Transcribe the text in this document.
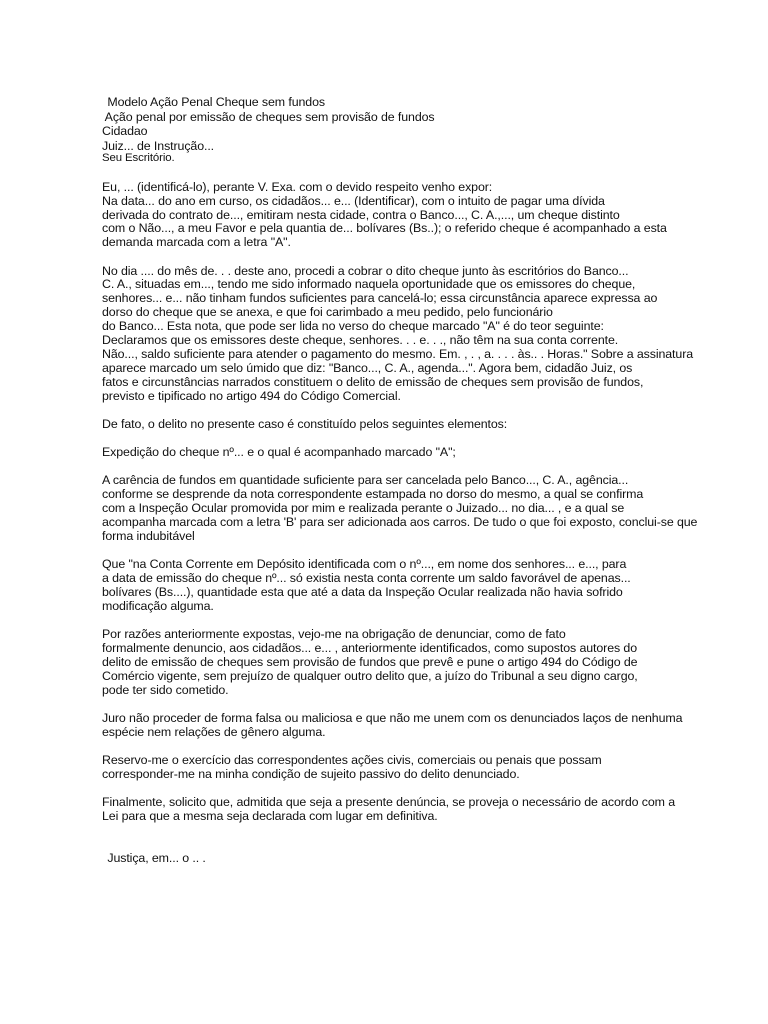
Modelo Ação Penal Cheque sem fundos
Ação penal por emissão de cheques sem provisão de fundos
Cidadao
Juiz... de Instrução...
Seu Escritório.
Eu, ... (identificá-lo), perante V. Exa. com o devido respeito venho expor:
Na data... do ano em curso, os cidadãos... e... (Identificar), com o intuito de pagar uma dívida
derivada do contrato de..., emitiram nesta cidade, contra o Banco..., C. A.,..., um cheque distinto
com o Não..., a meu Favor e pela quantia de... bolívares (Bs..); o referido cheque é acompanhado a esta
demanda marcada com a letra "A".
No dia .... do mês de. . . deste ano, procedi a cobrar o dito cheque junto às escritórios do Banco...
C. A., situadas em..., tendo me sido informado naquela oportunidade que os emissores do cheque,
senhores... e... não tinham fundos suficientes para cancelá-lo; essa circunstância aparece expressa ao
dorso do cheque que se anexa, e que foi carimbado a meu pedido, pelo funcionário
do Banco... Esta nota, que pode ser lida no verso do cheque marcado "A" é do teor seguinte:
Declaramos que os emissores deste cheque, senhores. . . e. . ., não têm na sua conta corrente.
Não..., saldo suficiente para atender o pagamento do mesmo. Em. , . , a. . . . às.. . Horas." Sobre a assinatura
aparece marcado um selo úmido que diz: "Banco..., C. A., agenda...". Agora bem, cidadão Juiz, os
fatos e circunstâncias narrados constituem o delito de emissão de cheques sem provisão de fundos,
previsto e tipificado no artigo 494 do Código Comercial.
De fato, o delito no presente caso é constituído pelos seguintes elementos:
Expedição do cheque nº... e o qual é acompanhado marcado "A";
A carência de fundos em quantidade suficiente para ser cancelada pelo Banco..., C. A., agência...
conforme se desprende da nota correspondente estampada no dorso do mesmo, a qual se confirma
com a Inspeção Ocular promovida por mim e realizada perante o Juizado... no dia... , e a qual se
acompanha marcada com a letra 'B' para ser adicionada aos carros. De tudo o que foi exposto, conclui-se que
forma indubitável
Que "na Conta Corrente em Depósito identificada com o nº..., em nome dos senhores... e..., para
a data de emissão do cheque nº... só existia nesta conta corrente um saldo favorável de apenas...
bolívares (Bs....), quantidade esta que até a data da Inspeção Ocular realizada não havia sofrido
modificação alguma.
Por razões anteriormente expostas, vejo-me na obrigação de denunciar, como de fato
formalmente denuncio, aos cidadãos... e... , anteriormente identificados, como supostos autores do
delito de emissão de cheques sem provisão de fundos que prevê e pune o artigo 494 do Código de
Comércio vigente, sem prejuízo de qualquer outro delito que, a juízo do Tribunal a seu digno cargo,
pode ter sido cometido.
Juro não proceder de forma falsa ou maliciosa e que não me unem com os denunciados laços de nenhuma
espécie nem relações de gênero alguma.
Reservo-me o exercício das correspondentes ações civis, comerciais ou penais que possam
corresponder-me na minha condição de sujeito passivo do delito denunciado.
Finalmente, solicito que, admitida que seja a presente denúncia, se proveja o necessário de acordo com a
Lei para que a mesma seja declarada com lugar em definitiva.
Justiça, em... o .. .
